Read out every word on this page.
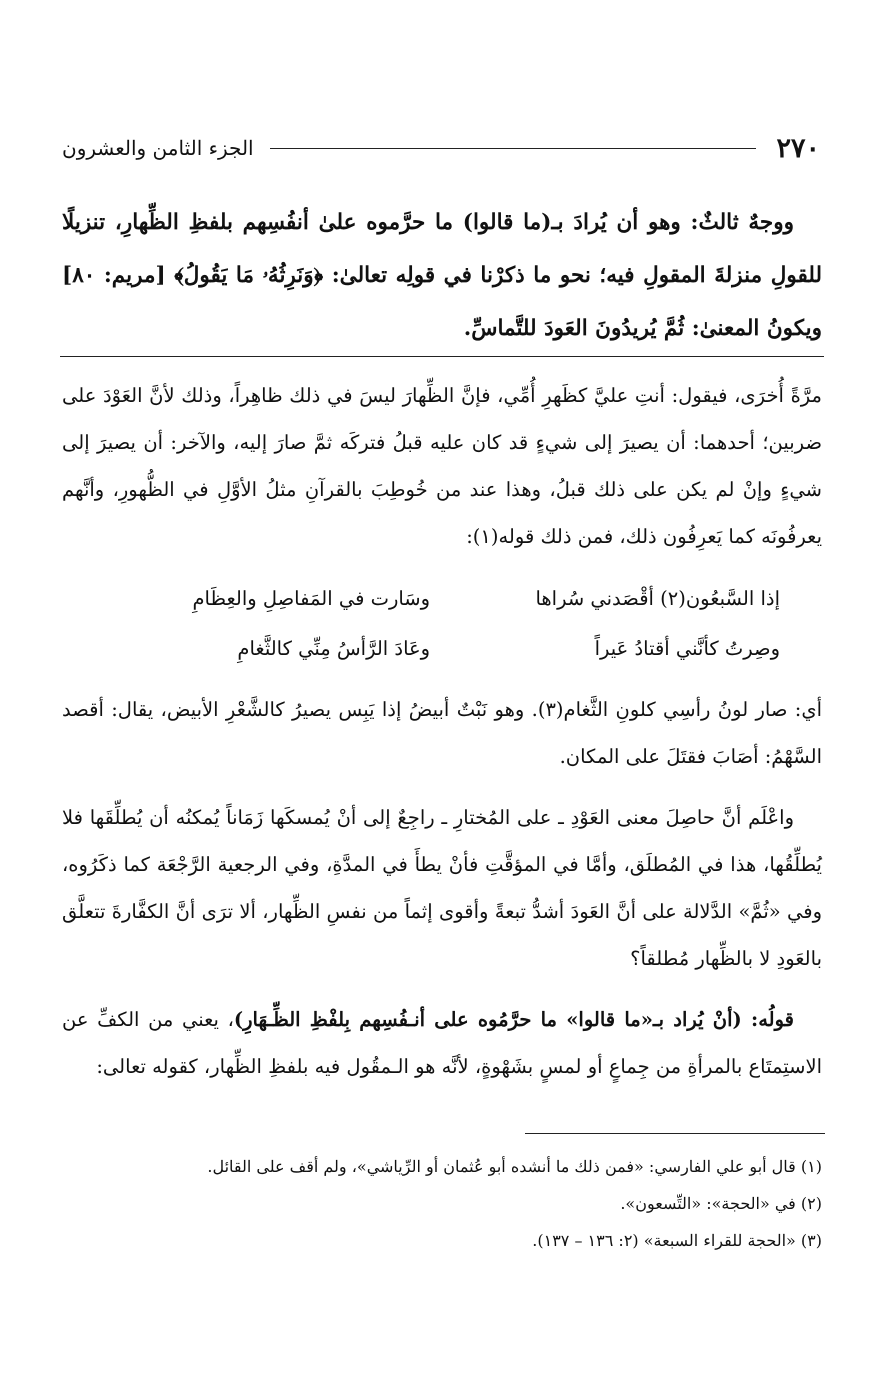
٢٧٠
الجزء الثامن والعشرون

ووجهٌ ثالثٌ: وهو أن يُرادَ بـ(ما قالوا) ما حرَّموه علىٰ أنفُسِهم بلفظِ الظِّهارِ، تنزيلًا للقولِ منزلةَ المقولِ فيه؛ نحو ما ذكرْنا في قولِه تعالىٰ: ﴿وَنَرِثُهُۥ مَا يَقُولُ﴾ [مريم: ٨٠] ويكونُ المعنىٰ: ثُمَّ يُريدُونَ العَودَ للتَّماسِّ.

مرَّةً أُخرَى، فيقول: أنتِ عليَّ كظَهرِ أُمِّي، فإنَّ الظِّهارَ ليسَ في ذلك ظاهِراً، وذلك لأنَّ العَوْدَ على ضربين؛ أحدهما: أن يصيرَ إلى شيءٍ قد كان عليه قبلُ فتركَه ثمَّ صارَ إليه، والآخر: أن يصيرَ إلى شيءٍ وإنْ لم يكن على ذلك قبلُ، وهذا عند من خُوطِبَ بالقرآنِ مثلُ الأوَّلِ في الظُّهورِ، وأنَّهم يعرفُونَه كما يَعرِفُون ذلك، فمن ذلك قوله(١):

إذا السَّبعُون(٢) أقْصَدني سُراها
وسَارت في المَفاصِلِ والعِظَامِ
وصِرتُ كأنَّني أقتادُ عَيراً
وعَادَ الرَّأسُ مِنِّي كالثَّغامِ

أي: صار لونُ رأسِي كلونِ الثَّغام(٣). وهو نَبْتٌ أبيضُ إذا يَبِس يصيرُ كالشَّعْرِ الأبيض، يقال: أقصد السَّهْمُ: أصَابَ فقتَلَ على المكان.

واعْلَم أنَّ حاصِلَ معنى العَوْدِ ـ على المُختارِ ـ راجِعٌ إلى أنْ يُمسكَها زَمَاناً يُمكنُه أن يُطلِّقَها فلا يُطلِّقُها، هذا في المُطلَق، وأمَّا في المؤقَّتِ فأنْ يطأَ في المدَّةِ، وفي الرجعية الرَّجْعَة كما ذكَرُوه، وفي «ثُمَّ» الدَّلالة على أنَّ العَودَ أشدُّ تبعةً وأقوى إثماً من نفسِ الظِّهار، ألا ترَى أنَّ الكفَّارةَ تتعلَّق بالعَودِ لا بالظِّهار مُطلقاً؟

قولُه: (أنْ يُراد بـ«ما قالوا» ما حرَّمُوه على أنـفُسِهم بِلفْظِ الظِّـهَارِ)، يعني من الكفِّ عن الاستِمتَاع بالمرأةِ من جِماعٍ أو لمسٍ بشَهْوةٍ، لأنَّه هو الـمقُول فيه بلفظِ الظِّهار، كقوله تعالى:

(١) قال أبو علي الفارسي: «فمن ذلك ما أنشده أبو عُثمان أو الرِّياشي»، ولم أقف على القائل.

(٢) في «الحجة»: «التِّسعون».

(٣) «الحجة للقراء السبعة» (٢: ١٣٦ – ١٣٧).
